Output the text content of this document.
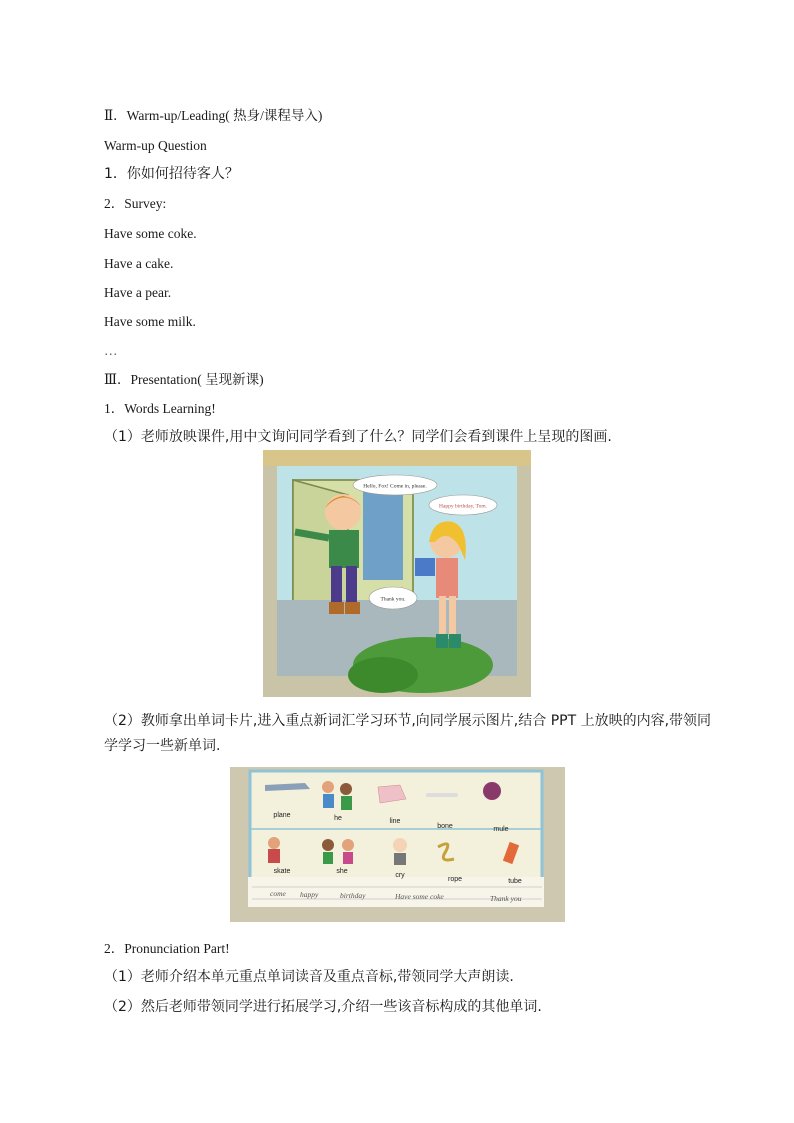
Ⅱ．Warm-up/Leading( 热身/课程导入)
Warm-up Question
1．你如何招待客人？
2．Survey:
Have some coke.
Have a cake.
Have a pear.
Have some milk.
…
Ⅲ．Presentation( 呈现新课)
1．Words Learning!
（1）老师放映课件,用中文询问同学看到了什么？同学们会看到课件上呈现的图画.
Hello, Fox! Come in, please.
Happy birthday, Tom.
Thank you.
（2）教师拿出单词卡片,进入重点新词汇学习环节,向同学展示图片,结合 PPT 上放映的内容,带领同学学习一些新单词.
plane	he	line
bone	mule
skate	she
cry
rope	tube
come happy	birthday	Have some coke	Thank you
2．Pronunciation Part!
（1）老师介绍本单元重点单词读音及重点音标,带领同学大声朗读.
（2）然后老师带领同学进行拓展学习,介绍一些该音标构成的其他单词.
